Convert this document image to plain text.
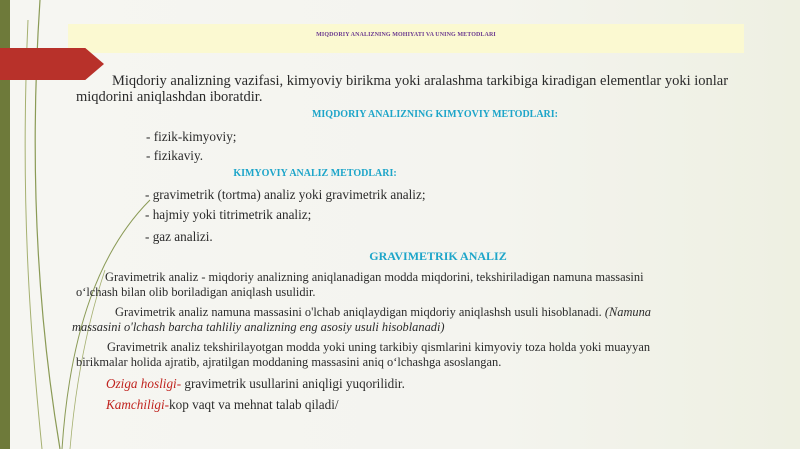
MIQDORIY ANALIZNING MOHIYATI VA UNING METODLARI
Miqdoriy analizning vazifasi, kimyoviy birikma yoki aralashma tarkibiga kiradigan elementlar yoki ionlar
miqdorini aniqlashdan iboratdir.
MIQDORIY ANALIZNING KIMYOVIY METODLARI:
- fizik-kimyoviy;
- fizikaviy.
KIMYOVIY ANALIZ METODLARI:
- gravimetrik (tortma) analiz yoki gravimetrik analiz;
- hajmiy yoki titrimetrik analiz;
- gaz analizi.
GRAVIMETRIK ANALIZ
Gravimetrik analiz - miqdoriy analizning aniqlanadigan modda miqdorini, tekshiriladigan namuna massasini
o‘lchash bilan olib boriladigan aniqlash usulidir.
Gravimetrik analiz namuna massasini o'lchab aniqlaydigan miqdoriy aniqlashsh usuli hisoblanadi. (Namuna
massasini o'lchash barcha tahliliy analizning eng asosiy usuli hisoblanadi)
Gravimetrik analiz tekshirilayotgan modda yoki uning tarkibiy qismlarini kimyoviy toza holda yoki muayyan
birikmalar holida ajratib, ajratilgan moddaning massasini aniq o‘lchashga asoslangan.
Oziga hosligi- gravimetrik usullarini aniqligi yuqorilidir.
Kamchiligi-kop vaqt va mehnat talab qiladi/
